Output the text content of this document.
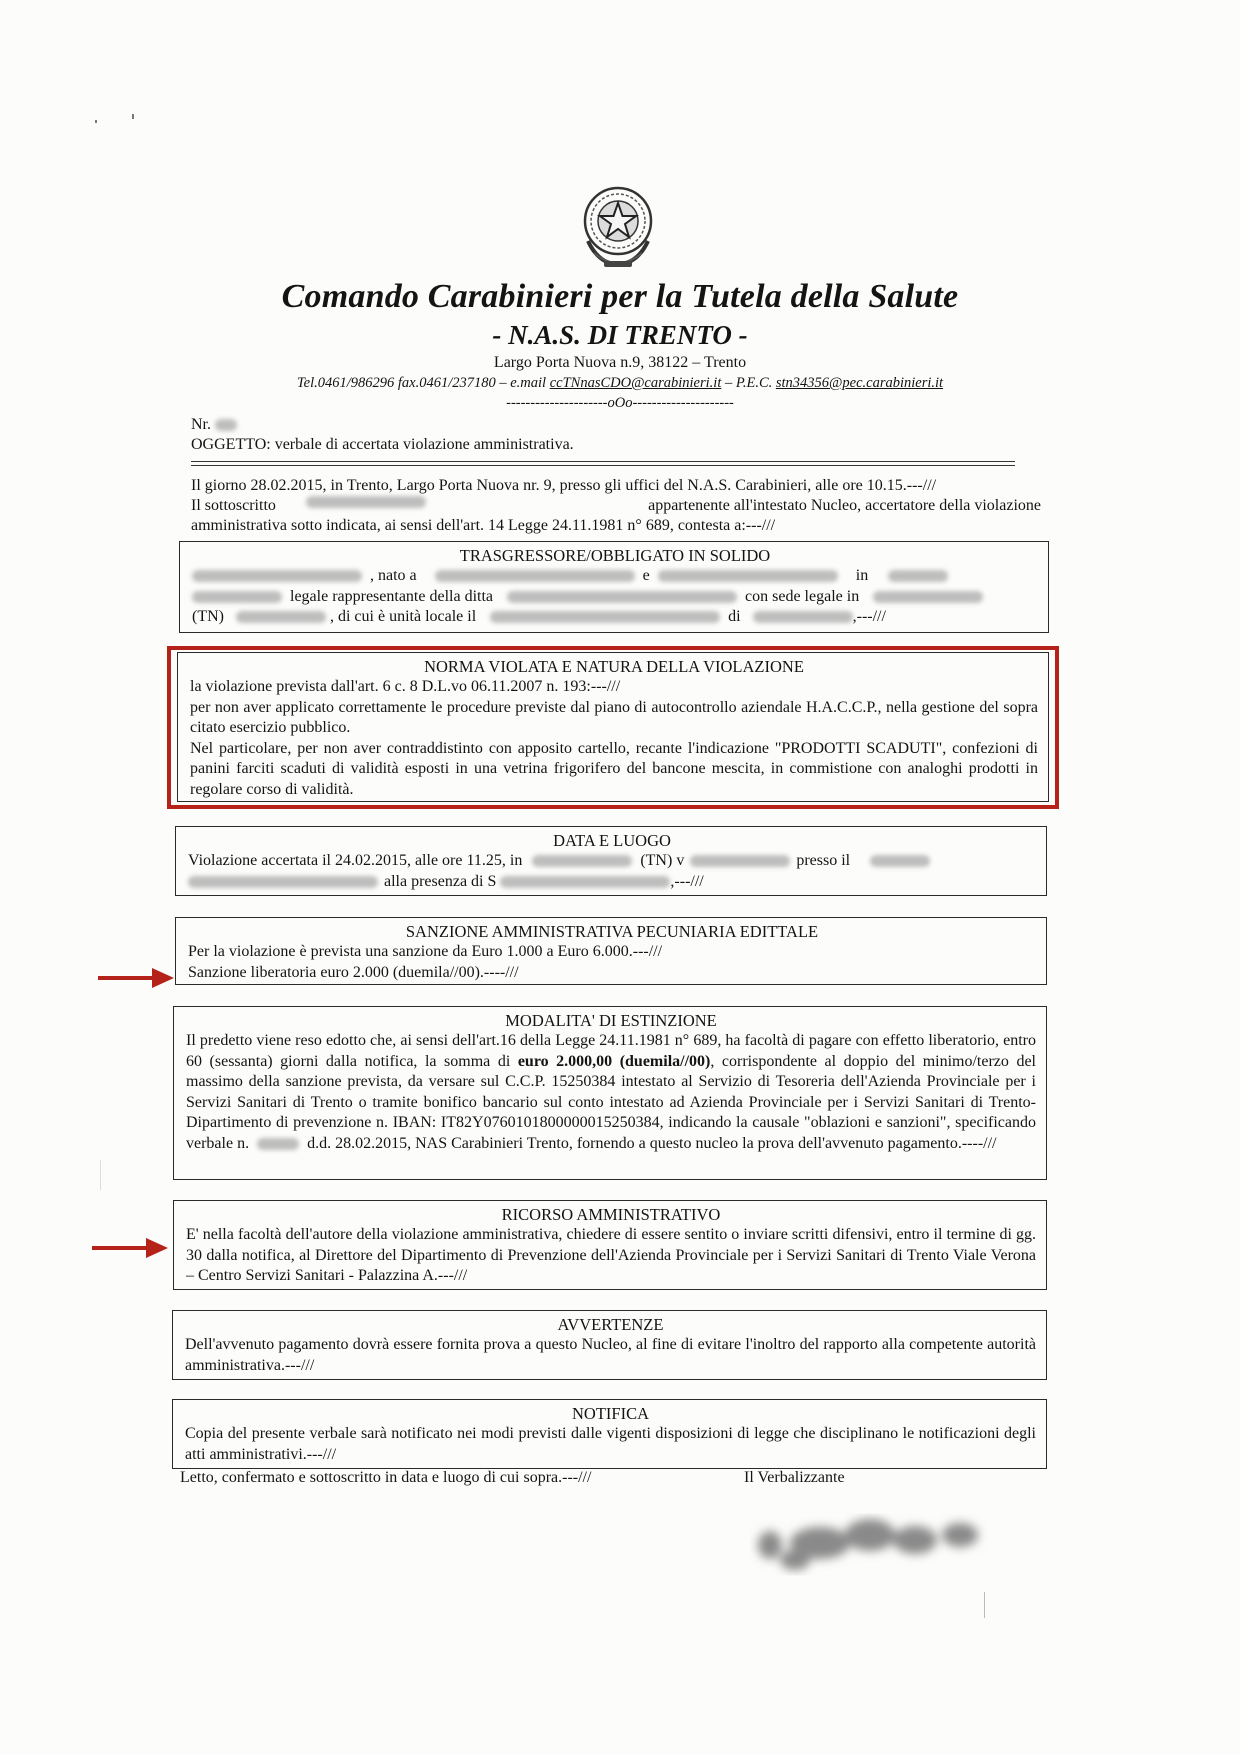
Comando Carabinieri per la Tutela della Salute
- N.A.S. DI TRENTO -
Largo Porta Nuova n.9, 38122 – Trento
Tel.0461/986296 fax.0461/237180 – e.mail ccTNnasCDO@carabinieri.it – P.E.C. stn34356@pec.carabinieri.it
---------------------oOo---------------------
Nr.
OGGETTO: verbale di accertata violazione amministrativa.

Il giorno 28.02.2015, in Trento, Largo Porta Nuova nr. 9, presso gli uffici del N.A.S. Carabinieri, alle ore 10.15.---///

Il sottoscritto	appartenente all'intestato Nucleo, accertatore della violazione

amministrativa sotto indicata, ai sensi dell'art. 14 Legge 24.11.1981 n° 689, contesta a:---///

TRASGRESSORE/OBBLIGATO IN SOLIDO

, nato a	e	in

legale rappresentante della ditta	con sede legale in

(TN)	, di cui è unità locale il	di	,---///

NORMA VIOLATA E NATURA DELLA VIOLAZIONE

la violazione prevista dall'art. 6 c. 8 D.L.vo 06.11.2007 n. 193:---///

per non aver applicato correttamente le procedure previste dal piano di autocontrollo aziendale H.A.C.C.P., nella gestione del sopra citato esercizio pubblico.

Nel particolare, per non aver contraddistinto con apposito cartello, recante l'indicazione "PRODOTTI SCADUTI", confezioni di panini farciti scaduti di validità esposti in una vetrina frigorifero del bancone mescita, in commistione con analoghi prodotti in regolare corso di validità.

DATA E LUOGO

Violazione accertata il 24.02.2015, alle ore 11.25, in	(TN) v	presso il

alla presenza di S	,---///

SANZIONE AMMINISTRATIVA PECUNIARIA EDITTALE

Per la violazione è prevista una sanzione da Euro 1.000 a Euro 6.000.---///

Sanzione liberatoria euro 2.000 (duemila//00).----///

MODALITA' DI ESTINZIONE

Il predetto viene reso edotto che, ai sensi dell'art.16 della Legge 24.11.1981 n° 689, ha facoltà di pagare con effetto liberatorio, entro 60 (sessanta) giorni dalla notifica, la somma di euro 2.000,00 (duemila//00), corrispondente al doppio del minimo/terzo del massimo della sanzione prevista, da versare sul C.C.P. 15250384 intestato al Servizio di Tesoreria dell'Azienda Provinciale per i Servizi Sanitari di Trento o tramite bonifico bancario sul conto intestato ad Azienda Provinciale per i Servizi Sanitari di Trento- Dipartimento di prevenzione n. IBAN: IT82Y0760101800000015250384, indicando la causale "oblazioni e sanzioni", specificando verbale n.	d.d. 28.02.2015, NAS Carabinieri Trento, fornendo a questo nucleo la prova dell'avvenuto pagamento.----///

RICORSO AMMINISTRATIVO

E' nella facoltà dell'autore della violazione amministrativa, chiedere di essere sentito o inviare scritti difensivi, entro il termine di gg. 30 dalla notifica, al Direttore del Dipartimento di Prevenzione dell'Azienda Provinciale per i Servizi Sanitari di Trento Viale Verona – Centro Servizi Sanitari - Palazzina A.---///

AVVERTENZE

Dell'avvenuto pagamento dovrà essere fornita prova a questo Nucleo, al fine di evitare l'inoltro del rapporto alla competente autorità amministrativa.---///

NOTIFICA

Copia del presente verbale sarà notificato nei modi previsti dalle vigenti disposizioni di legge che disciplinano le notificazioni degli atti amministrativi.---///

Letto, confermato e sottoscritto in data e luogo di cui sopra.---///	Il Verbalizzante
